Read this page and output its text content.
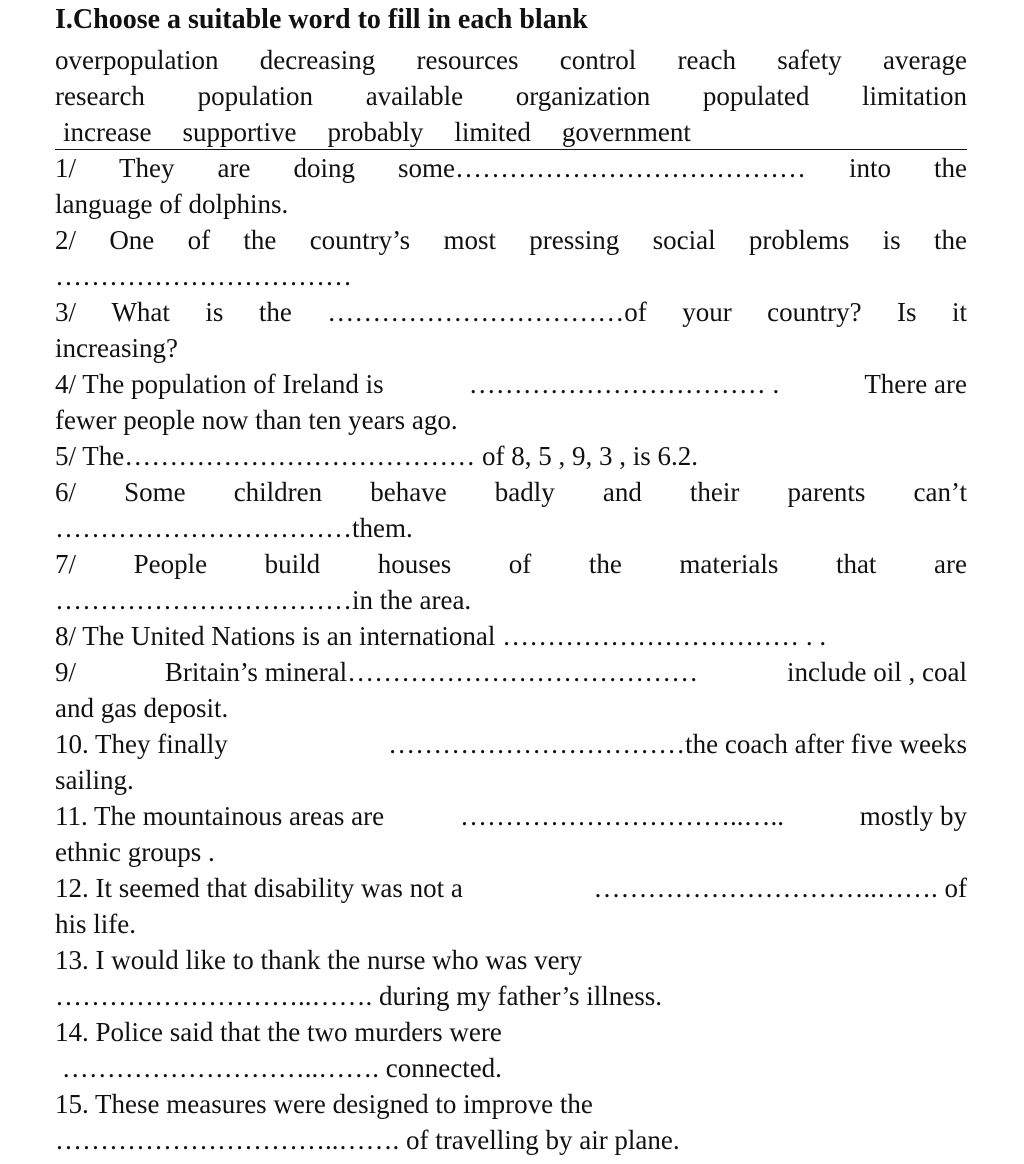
I.Choose a suitable word to fill in each blank
overpopulation decreasing resources control reach safety average
research population available organization populated limitation
increase supportive probably limited government
1/ They are doing some………………………………… into the
language of dolphins.
2/ One of the country’s most pressing social problems is the
……………………………
3/ What is the ……………………………of your country? Is it
increasing?
4/ The population of Ireland is	…………………………… .	There are
fewer people now than ten years ago.
5/ The………………………………… of 8, 5 , 9, 3 , is 6.2.
6/ Some children behave badly and their parents can’t
……………………………them.
7/ People build houses of the materials that are
……………………………in the area.
8/ The United Nations is an international …………………………… . .
9/	Britain’s mineral…………………………………	include oil , coal
and gas deposit.
10. They finally	……………………………the coach after five weeks
sailing.
11. The mountainous areas are	…………………………..…..	mostly by
ethnic groups .
12. It seemed that disability was not a	…………………………..……. of
his life.
13. I would like to thank the nurse who was very
………………………..……. during my father’s illness.
14. Police said that the two murders were
………………………..……. connected.
15. These measures were designed to improve the
…………………………..……. of travelling by air plane.
